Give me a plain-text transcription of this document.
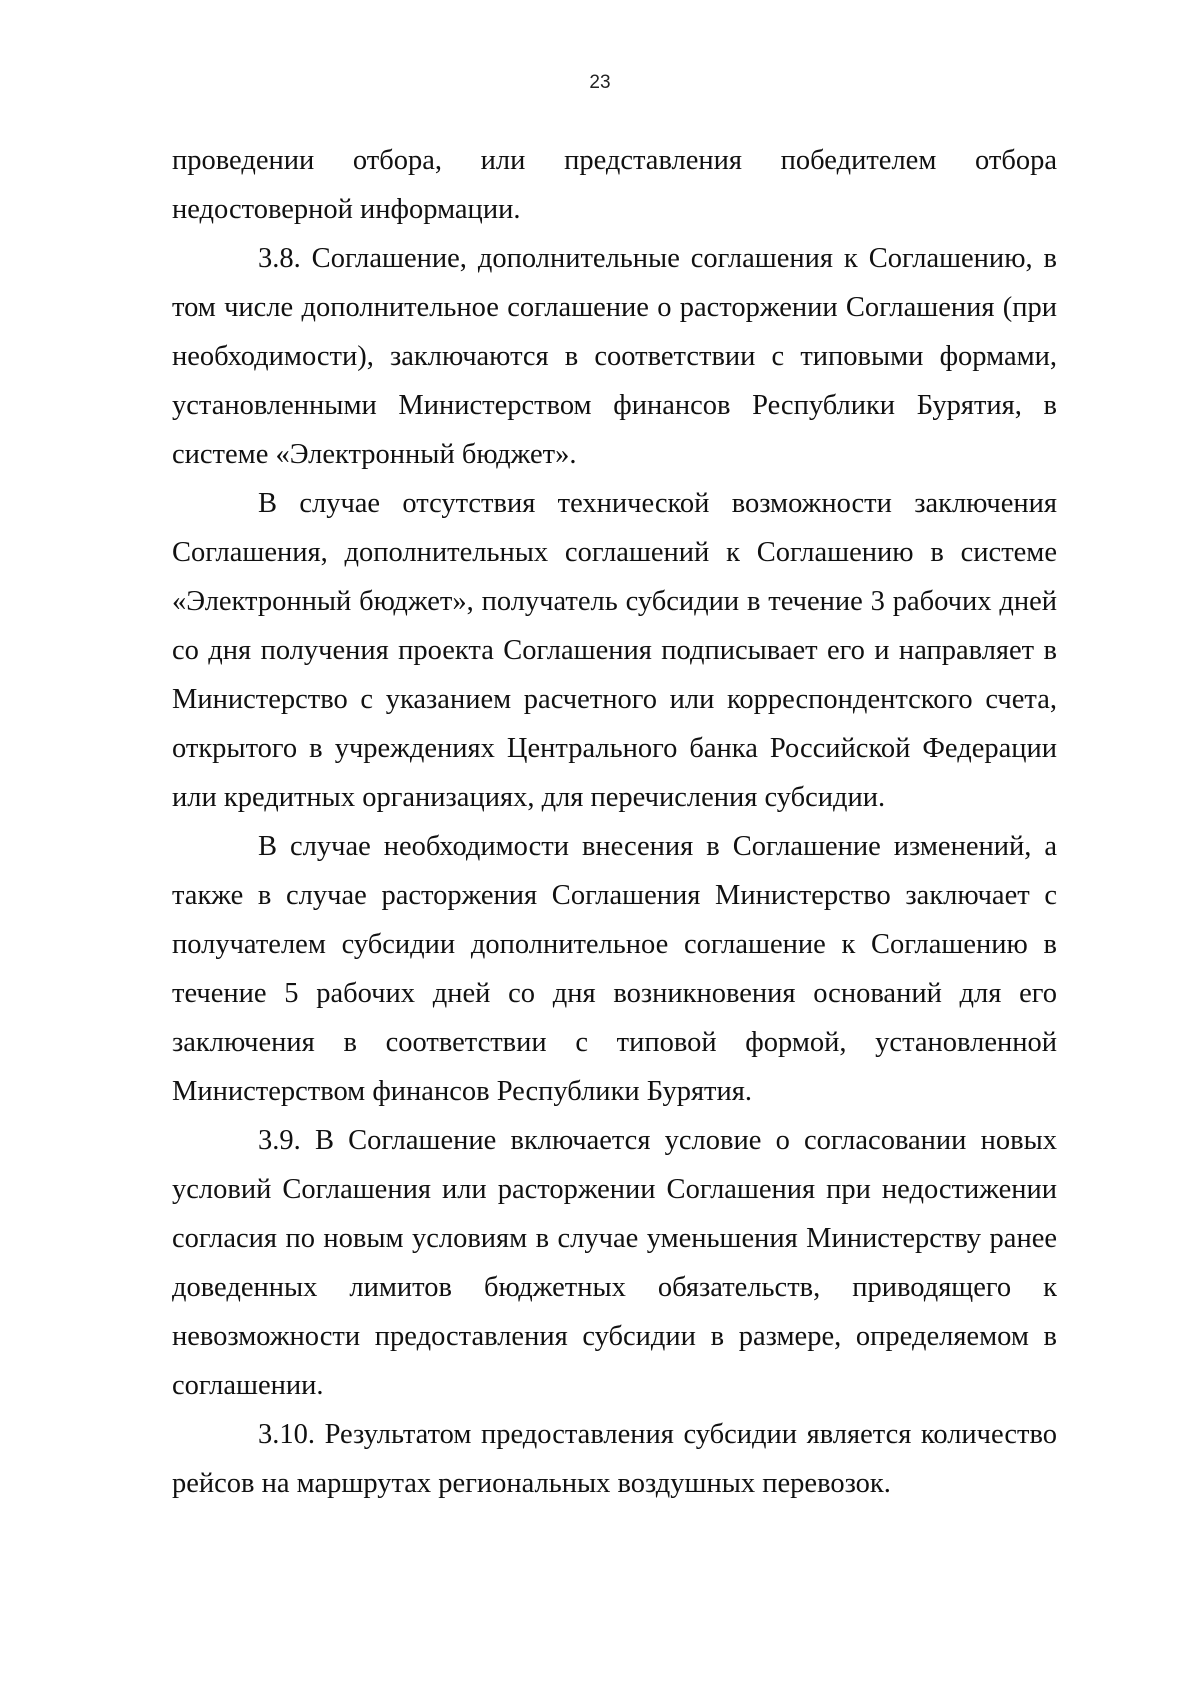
23

проведении отбора, или представления победителем отбора недостоверной информации.

3.8. Соглашение, дополнительные соглашения к Соглашению, в том числе дополнительное соглашение о расторжении Соглашения (при необходимости), заключаются в соответствии с типовыми формами, установленными Министерством финансов Республики Бурятия, в системе «Электронный бюджет».

В случае отсутствия технической возможности заключения Соглашения, дополнительных соглашений к Соглашению в системе «Электронный бюджет», получатель субсидии в течение 3 рабочих дней со дня получения проекта Соглашения подписывает его и направляет в Министерство с указанием расчетного или корреспондентского счета, открытого в учреждениях Центрального банка Российской Федерации или кредитных организациях, для перечисления субсидии.

В случае необходимости внесения в Соглашение изменений, а также в случае расторжения Соглашения Министерство заключает с получателем субсидии дополнительное соглашение к Соглашению в течение 5 рабочих дней со дня возникновения оснований для его заключения в соответствии с типовой формой, установленной Министерством финансов Республики Бурятия.

3.9. В Соглашение включается условие о согласовании новых условий Соглашения или расторжении Соглашения при недостижении согласия по новым условиям в случае уменьшения Министерству ранее доведенных лимитов бюджетных обязательств, приводящего к невозможности предоставления субсидии в размере, определяемом в соглашении.

3.10. Результатом предоставления субсидии является количество рейсов на маршрутах региональных воздушных перевозок.
